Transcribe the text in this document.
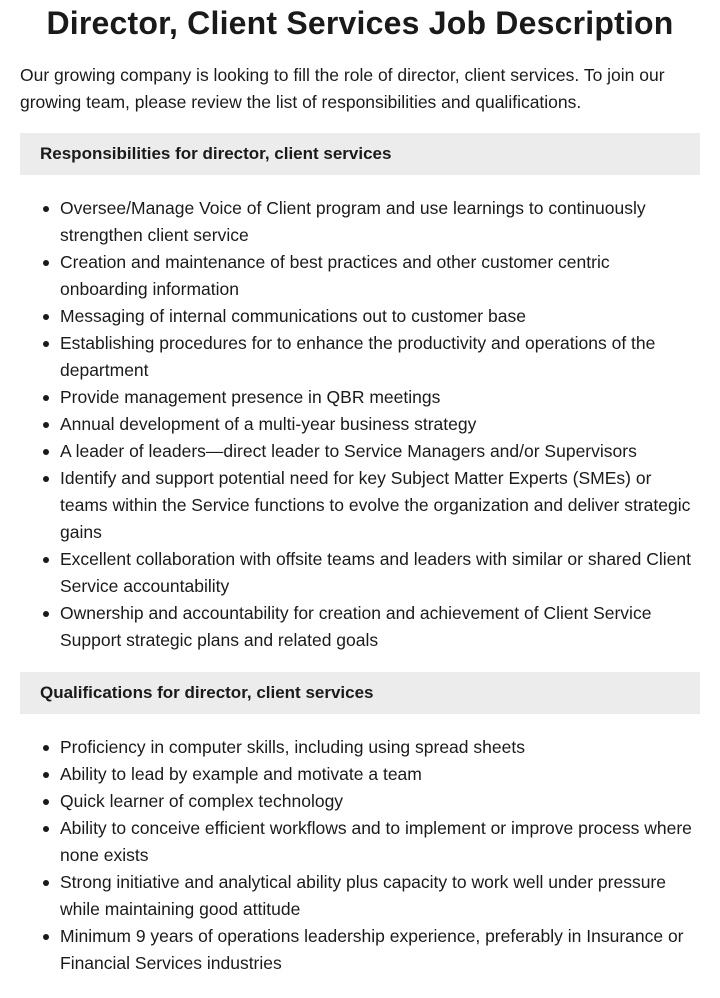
Director, Client Services Job Description

Our growing company is looking to fill the role of director, client services. To join our growing team, please review the list of responsibilities and qualifications.

Responsibilities for director, client services
Oversee/Manage Voice of Client program and use learnings to continuously strengthen client service
Creation and maintenance of best practices and other customer centric onboarding information
Messaging of internal communications out to customer base
Establishing procedures for to enhance the productivity and operations of the department
Provide management presence in QBR meetings
Annual development of a multi-year business strategy
A leader of leaders—direct leader to Service Managers and/or Supervisors
Identify and support potential need for key Subject Matter Experts (SMEs) or teams within the Service functions to evolve the organization and deliver strategic gains
Excellent collaboration with offsite teams and leaders with similar or shared Client Service accountability
Ownership and accountability for creation and achievement of Client Service Support strategic plans and related goals
Qualifications for director, client services
Proficiency in computer skills, including using spread sheets
Ability to lead by example and motivate a team
Quick learner of complex technology
Ability to conceive efficient workflows and to implement or improve process where none exists
Strong initiative and analytical ability plus capacity to work well under pressure while maintaining good attitude
Minimum 9 years of operations leadership experience, preferably in Insurance or Financial Services industries
